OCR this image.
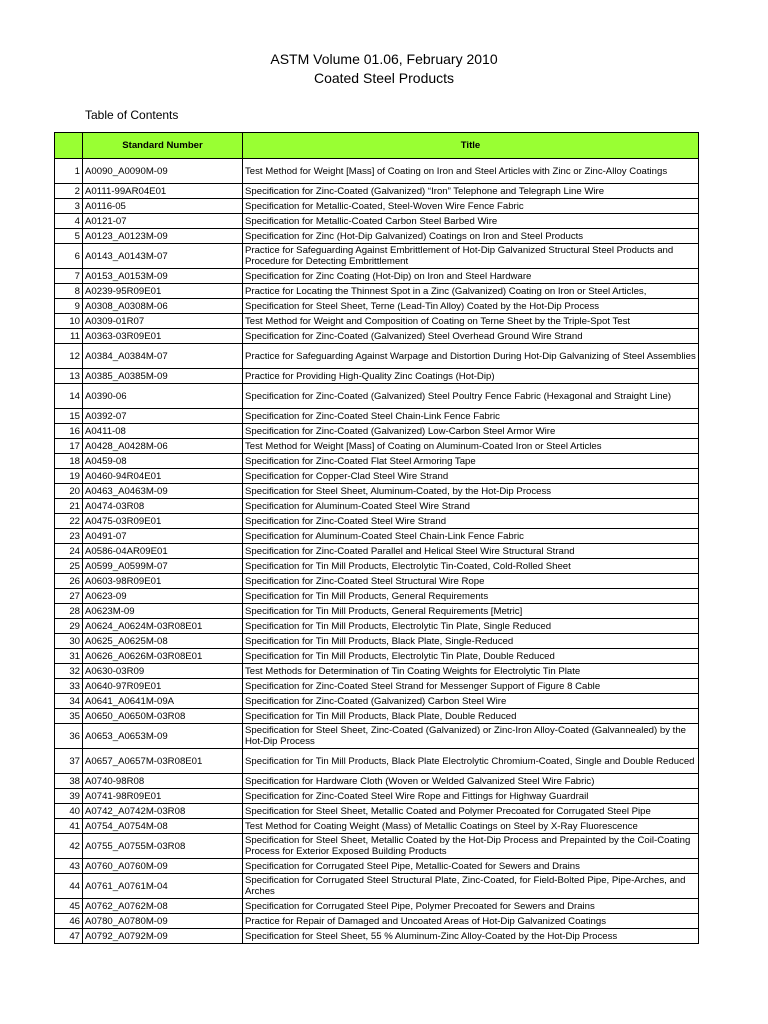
ASTM Volume 01.06, February 2010
Coated Steel Products
Table of Contents
	Standard Number	Title
1	A0090_A0090M-09	Test Method for Weight [Mass] of Coating on Iron and Steel Articles with Zinc or Zinc-Alloy Coatings
2	A0111-99AR04E01	Specification for Zinc-Coated (Galvanized) “Iron” Telephone and Telegraph Line Wire
3	A0116-05	Specification for Metallic-Coated, Steel-Woven Wire Fence Fabric
4	A0121-07	Specification for Metallic-Coated Carbon Steel Barbed Wire
5	A0123_A0123M-09	Specification for Zinc (Hot-Dip Galvanized) Coatings on Iron and Steel Products
6	A0143_A0143M-07	Practice for Safeguarding Against Embrittlement of Hot-Dip Galvanized Structural Steel Products and Procedure for Detecting Embrittlement
7	A0153_A0153M-09	Specification for Zinc Coating (Hot-Dip) on Iron and Steel Hardware
8	A0239-95R09E01	Practice for Locating the Thinnest Spot in a Zinc (Galvanized) Coating on Iron or Steel Articles,
9	A0308_A0308M-06	Specification for Steel Sheet, Terne (Lead-Tin Alloy) Coated by the Hot-Dip Process
10	A0309-01R07	Test Method for Weight and Composition of Coating on Terne Sheet by the Triple-Spot Test
11	A0363-03R09E01	Specification for Zinc-Coated (Galvanized) Steel Overhead Ground Wire Strand
12	A0384_A0384M-07	Practice for Safeguarding Against Warpage and Distortion During Hot-Dip Galvanizing of Steel Assemblies
13	A0385_A0385M-09	Practice for Providing High-Quality Zinc Coatings (Hot-Dip)
14	A0390-06	Specification for Zinc-Coated (Galvanized) Steel Poultry Fence Fabric (Hexagonal and Straight Line)
15	A0392-07	Specification for Zinc-Coated Steel Chain-Link Fence Fabric
16	A0411-08	Specification for Zinc-Coated (Galvanized) Low-Carbon Steel Armor Wire
17	A0428_A0428M-06	Test Method for Weight [Mass] of Coating on Aluminum-Coated Iron or Steel Articles
18	A0459-08	Specification for Zinc-Coated Flat Steel Armoring Tape
19	A0460-94R04E01	Specification for Copper-Clad Steel Wire Strand
20	A0463_A0463M-09	Specification for Steel Sheet, Aluminum-Coated, by the Hot-Dip Process
21	A0474-03R08	Specification for Aluminum-Coated Steel Wire Strand
22	A0475-03R09E01	Specification for Zinc-Coated Steel Wire Strand
23	A0491-07	Specification for Aluminum-Coated Steel Chain-Link Fence Fabric
24	A0586-04AR09E01	Specification for Zinc-Coated Parallel and Helical Steel Wire Structural Strand
25	A0599_A0599M-07	Specification for Tin Mill Products, Electrolytic Tin-Coated, Cold-Rolled Sheet
26	A0603-98R09E01	Specification for Zinc-Coated Steel Structural Wire Rope
27	A0623-09	Specification for Tin Mill Products, General Requirements
28	A0623M-09	Specification for Tin Mill Products, General Requirements [Metric]
29	A0624_A0624M-03R08E01	Specification for Tin Mill Products, Electrolytic Tin Plate, Single Reduced
30	A0625_A0625M-08	Specification for Tin Mill Products, Black Plate, Single-Reduced
31	A0626_A0626M-03R08E01	Specification for Tin Mill Products, Electrolytic Tin Plate, Double Reduced
32	A0630-03R09	Test Methods for Determination of Tin Coating Weights for Electrolytic Tin Plate
33	A0640-97R09E01	Specification for Zinc-Coated Steel Strand for Messenger Support of Figure 8 Cable
34	A0641_A0641M-09A	Specification for Zinc-Coated (Galvanized) Carbon Steel Wire
35	A0650_A0650M-03R08	Specification for Tin Mill Products, Black Plate, Double Reduced
36	A0653_A0653M-09	Specification for Steel Sheet, Zinc-Coated (Galvanized) or Zinc-Iron Alloy-Coated (Galvannealed) by the Hot-Dip Process
37	A0657_A0657M-03R08E01	Specification for Tin Mill Products, Black Plate Electrolytic Chromium-Coated, Single and Double Reduced
38	A0740-98R08	Specification for Hardware Cloth (Woven or Welded Galvanized Steel Wire Fabric)
39	A0741-98R09E01	Specification for Zinc-Coated Steel Wire Rope and Fittings for Highway Guardrail
40	A0742_A0742M-03R08	Specification for Steel Sheet, Metallic Coated and Polymer Precoated for Corrugated Steel Pipe
41	A0754_A0754M-08	Test Method for Coating Weight (Mass) of Metallic Coatings on Steel by X-Ray Fluorescence
42	A0755_A0755M-03R08	Specification for Steel Sheet, Metallic Coated by the Hot-Dip Process and Prepainted by the Coil-Coating Process for Exterior Exposed Building Products
43	A0760_A0760M-09	Specification for Corrugated Steel Pipe, Metallic-Coated for Sewers and Drains
44	A0761_A0761M-04	Specification for Corrugated Steel Structural Plate, Zinc-Coated, for Field-Bolted Pipe, Pipe-Arches, and Arches
45	A0762_A0762M-08	Specification for Corrugated Steel Pipe, Polymer Precoated for Sewers and Drains
46	A0780_A0780M-09	Practice for Repair of Damaged and Uncoated Areas of Hot-Dip Galvanized Coatings
47	A0792_A0792M-09	Specification for Steel Sheet, 55 % Aluminum-Zinc Alloy-Coated by the Hot-Dip Process
